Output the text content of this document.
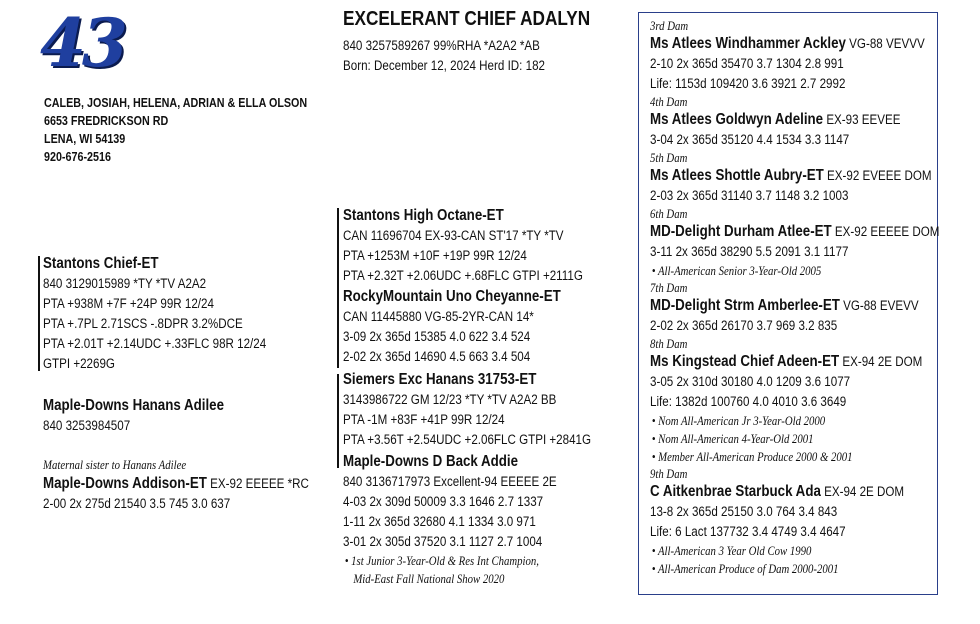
43
CALEB, JOSIAH, HELENA, ADRIAN & ELLA OLSON
6653 FREDRICKSON RD
LENA, WI 54139
920-676-2516
EXCELERANT CHIEF ADALYN
840 3257589267 99%RHA *A2A2 *AB
Born: December 12, 2024 Herd ID: 182
Stantons Chief-ET
840 3129015989 *TY *TV A2A2
PTA +938M +7F +24P 99R 12/24
PTA +.7PL 2.71SCS -.8DPR 3.2%DCE
PTA +2.01T +2.14UDC +.33FLC 98R 12/24
GTPI +2269G
Maple-Downs Hanans Adilee
840 3253984507
Maternal sister to Hanans Adilee
Maple-Downs Addison-ET EX-92 EEEEE *RC
2-00 2x 275d 21540 3.5 745 3.0 637
Stantons High Octane-ET
CAN 11696704 EX-93-CAN ST'17 *TY *TV
PTA +1253M +10F +19P 99R 12/24
PTA +2.32T +2.06UDC +.68FLC GTPI +2111G
RockyMountain Uno Cheyanne-ET
CAN 11445880 VG-85-2YR-CAN 14*
3-09 2x 365d 15385 4.0 622 3.4 524
2-02 2x 365d 14690 4.5 663 3.4 504
Siemers Exc Hanans 31753-ET
3143986722 GM 12/23 *TY *TV A2A2 BB
PTA -1M +83F +41P 99R 12/24
PTA +3.56T +2.54UDC +2.06FLC GTPI +2841G
Maple-Downs D Back Addie
840 3136717973 Excellent-94 EEEEE 2E
4-03 2x 309d 50009 3.3 1646 2.7 1337
1-11 2x 365d 32680 4.1 1334 3.0 971
3-01 2x 305d 37520 3.1 1127 2.7 1004
• 1st Junior 3-Year-Old & Res Int Champion,
Mid-East Fall National Show 2020
3rd Dam
Ms Atlees Windhammer Ackley VG-88 VEVVV
2-10 2x 365d 35470 3.7 1304 2.8 991
Life: 1153d 109420 3.6 3921 2.7 2992
4th Dam
Ms Atlees Goldwyn Adeline EX-93 EEVEE
3-04 2x 365d 35120 4.4 1534 3.3 1147
5th Dam
Ms Atlees Shottle Aubry-ET EX-92 EVEEE DOM
2-03 2x 365d 31140 3.7 1148 3.2 1003
6th Dam
MD-Delight Durham Atlee-ET EX-92 EEEEE DOM
3-11 2x 365d 38290 5.5 2091 3.1 1177
• All-American Senior 3-Year-Old 2005
7th Dam
MD-Delight Strm Amberlee-ET VG-88 EVEVV
2-02 2x 365d 26170 3.7 969 3.2 835
8th Dam
Ms Kingstead Chief Adeen-ET EX-94 2E DOM
3-05 2x 310d 30180 4.0 1209 3.6 1077
Life: 1382d 100760 4.0 4010 3.6 3649
• Nom All-American Jr 3-Year-Old 2000
• Nom All-American 4-Year-Old 2001
• Member All-American Produce 2000 & 2001
9th Dam
C Aitkenbrae Starbuck Ada EX-94 2E DOM
13-8 2x 365d 25150 3.0 764 3.4 843
Life: 6 Lact 137732 3.4 4749 3.4 4647
• All-American 3 Year Old Cow 1990
• All-American Produce of Dam 2000-2001
